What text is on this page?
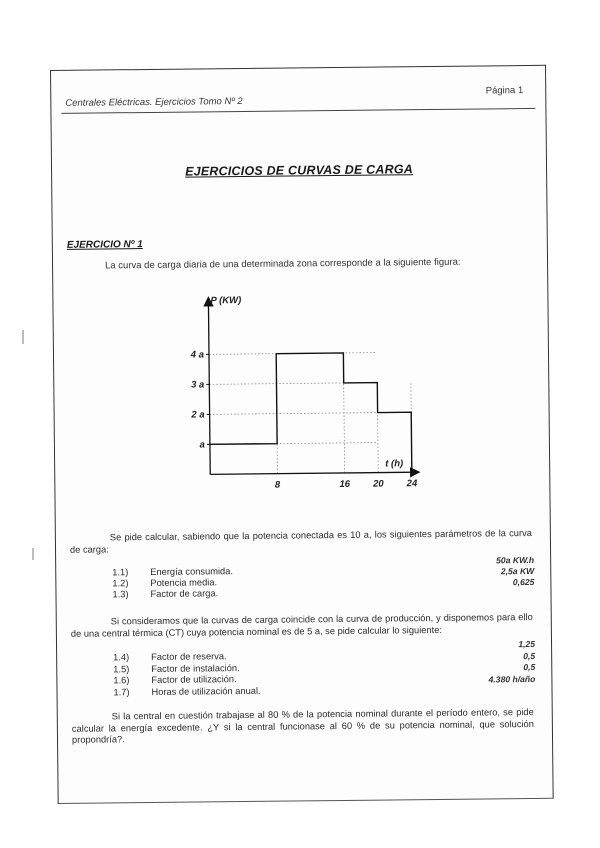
Centrales Eléctricas. Ejercicios Tomo Nº 2
Página 1
EJERCICIOS DE CURVAS DE CARGA
EJERCICIO Nº 1
La curva de carga diaria de una determinada zona corresponde a la siguiente figura:
a
2 a
3 a
4 a
8	16 20 24
P (KW)
t (h)
Se pide calcular, sabiendo que la potencia conectada es 10 a, los siguientes parámetros de la curva de carga:
1.1) Energía consumida.
50a KW.h
1.2) Potencia media.
2,5a KW
1.3) Factor de carga.
0,625
Si consideramos que la curvas de carga coincide con la curva de producción, y disponemos para ello de una central térmica (CT) cuya potencia nominal es de 5 a, se pide calcular lo siguiente:
1.4) Factor de reserva.
1,25
1.5) Factor de instalación.
0,5
1.6) Factor de utilización.
0,5
1.7) Horas de utilización anual.
4.380 h/año
Si la central en cuestión trabajase al 80 % de la potencia nominal durante el período entero, se pide calcular la energía excedente. ¿Y si la central funcionase al 60 % de su potencia nominal, que solución propondría?.
